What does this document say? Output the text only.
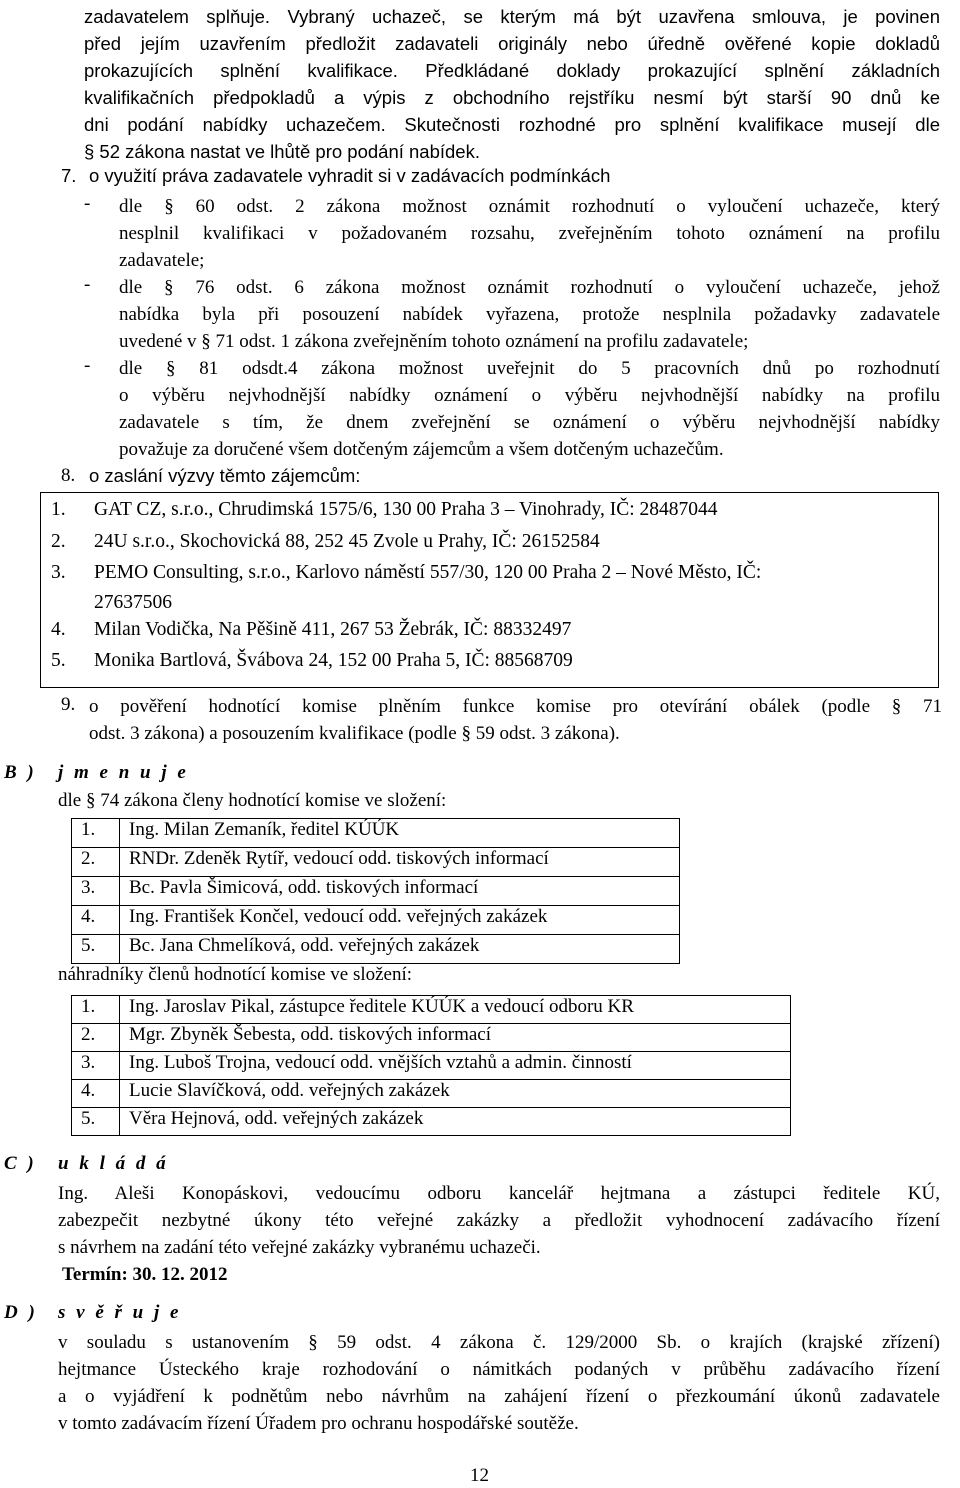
zadavatelem splňuje. Vybraný uchazeč, se kterým má být uzavřena smlouva, je povinen
před jejím uzavřením předložit zadavateli originály nebo úředně ověřené kopie dokladů
prokazujících splnění kvalifikace. Předkládané doklady prokazující splnění základních
kvalifikačních předpokladů a výpis z obchodního rejstříku nesmí být starší 90 dnů ke
dni podání nabídky uchazečem. Skutečnosti rozhodné pro splnění kvalifikace musejí dle
§ 52 zákona nastat ve lhůtě pro podání nabídek.
7. o využití práva zadavatele vyhradit si v zadávacích podmínkách
- dle § 60 odst. 2 zákona možnost oznámit rozhodnutí o vyloučení uchazeče, který
nesplnil kvalifikaci v požadovaném rozsahu, zveřejněním tohoto oznámení na profilu
zadavatele;
- dle § 76 odst. 6 zákona možnost oznámit rozhodnutí o vyloučení uchazeče, jehož
nabídka byla při posouzení nabídek vyřazena, protože nesplnila požadavky zadavatele
uvedené v § 71 odst. 1 zákona zveřejněním tohoto oznámení na profilu zadavatele;
- dle § 81 odsdt.4 zákona možnost uveřejnit do 5 pracovních dnů po rozhodnutí
o výběru nejvhodnější nabídky oznámení o výběru nejvhodnější nabídky na profilu
zadavatele s tím, že dnem zveřejnění se oznámení o výběru nejvhodnější nabídky
považuje za doručené všem dotčeným zájemcům a všem dotčeným uchazečům.
8. o zaslání výzvy těmto zájemcům:
1. GAT CZ, s.r.o., Chrudimská 1575/6, 130 00 Praha 3 – Vinohrady, IČ: 28487044
2. 24U s.r.o., Skochovická 88, 252 45 Zvole u Prahy, IČ: 26152584
3. PEMO Consulting, s.r.o., Karlovo náměstí 557/30, 120 00 Praha 2 – Nové Město, IČ:
27637506
4. Milan Vodička, Na Pěšině 411, 267 53 Žebrák, IČ: 88332497
5. Monika Bartlová, Švábova 24, 152 00 Praha 5, IČ: 88568709
9. o pověření hodnotící komise plněním funkce komise pro otevírání obálek (podle § 71
odst. 3 zákona) a posouzením kvalifikace (podle § 59 odst. 3 zákona).
B ) j m e n u j e
dle § 74 zákona členy hodnotící komise ve složení:
1.	Ing. Milan Zemaník, ředitel KÚÚK
2.	RNDr. Zdeněk Rytíř, vedoucí odd. tiskových informací
3.	Bc. Pavla Šimicová, odd. tiskových informací
4.	Ing. František Končel, vedoucí odd. veřejných zakázek
5.	Bc. Jana Chmelíková, odd. veřejných zakázek
náhradníky členů hodnotící komise ve složení:
1.	Ing. Jaroslav Pikal, zástupce ředitele KÚÚK a vedoucí odboru KR
2.	Mgr. Zbyněk Šebesta, odd. tiskových informací
3.	Ing. Luboš Trojna, vedoucí odd. vnějších vztahů a admin. činností
4.	Lucie Slavíčková, odd. veřejných zakázek
5.	Věra Hejnová, odd. veřejných zakázek
C ) u k l á d á
Ing. Aleši Konopáskovi, vedoucímu odboru kancelář hejtmana a zástupci ředitele KÚ,
zabezpečit nezbytné úkony této veřejné zakázky a předložit vyhodnocení zadávacího řízení
s návrhem na zadání této veřejné zakázky vybranému uchazeči.
Termín: 30. 12. 2012
D ) s v ě ř u j e
v souladu s ustanovením § 59 odst. 4 zákona č. 129/2000 Sb. o krajích (krajské zřízení)
hejtmance Ústeckého kraje rozhodování o námitkách podaných v průběhu zadávacího řízení
a o vyjádření k podnětům nebo návrhům na zahájení řízení o přezkoumání úkonů zadavatele
v tomto zadávacím řízení Úřadem pro ochranu hospodářské soutěže.
12
